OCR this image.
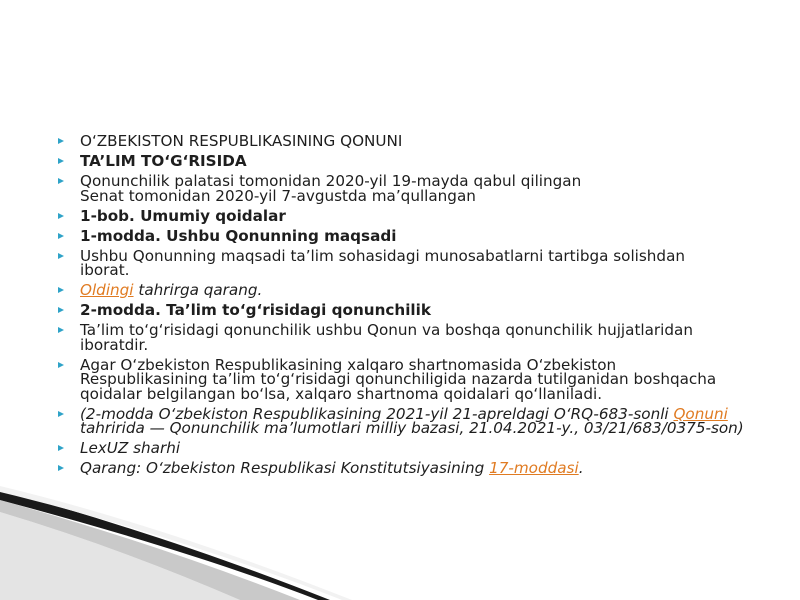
O‘ZBEKISTON RESPUBLIKASINING QONUNI
TA’LIM TO‘G‘RISIDA
Qonunchilik palatasi tomonidan 2020-yil 19-mayda qabul qilingan
Senat tomonidan 2020-yil 7-avgustda ma’qullangan
1-bob. Umumiy qoidalar
1-modda. Ushbu Qonunning maqsadi
Ushbu Qonunning maqsadi ta’lim sohasidagi munosabatlarni tartibga solishdan
iborat.
Oldingi tahrirga qarang.
2-modda. Ta’lim to‘g‘risidagi qonunchilik
Ta’lim to‘g‘risidagi qonunchilik ushbu Qonun va boshqa qonunchilik hujjatlaridan
iboratdir.
Agar O‘zbekiston Respublikasining xalqaro shartnomasida O‘zbekiston
Respublikasining ta’lim to‘g‘risidagi qonunchiligida nazarda tutilganidan boshqacha
qoidalar belgilangan bo‘lsa, xalqaro shartnoma qoidalari qo‘llaniladi.
(2-modda O‘zbekiston Respublikasining 2021-yil 21-apreldagi O‘RQ-683-sonli Qonuni
tahririda — Qonunchilik ma’lumotlari milliy bazasi, 21.04.2021-y., 03/21/683/0375-son)
LexUZ sharhi
Qarang: O‘zbekiston Respublikasi Konstitutsiyasining 17-moddasi.
